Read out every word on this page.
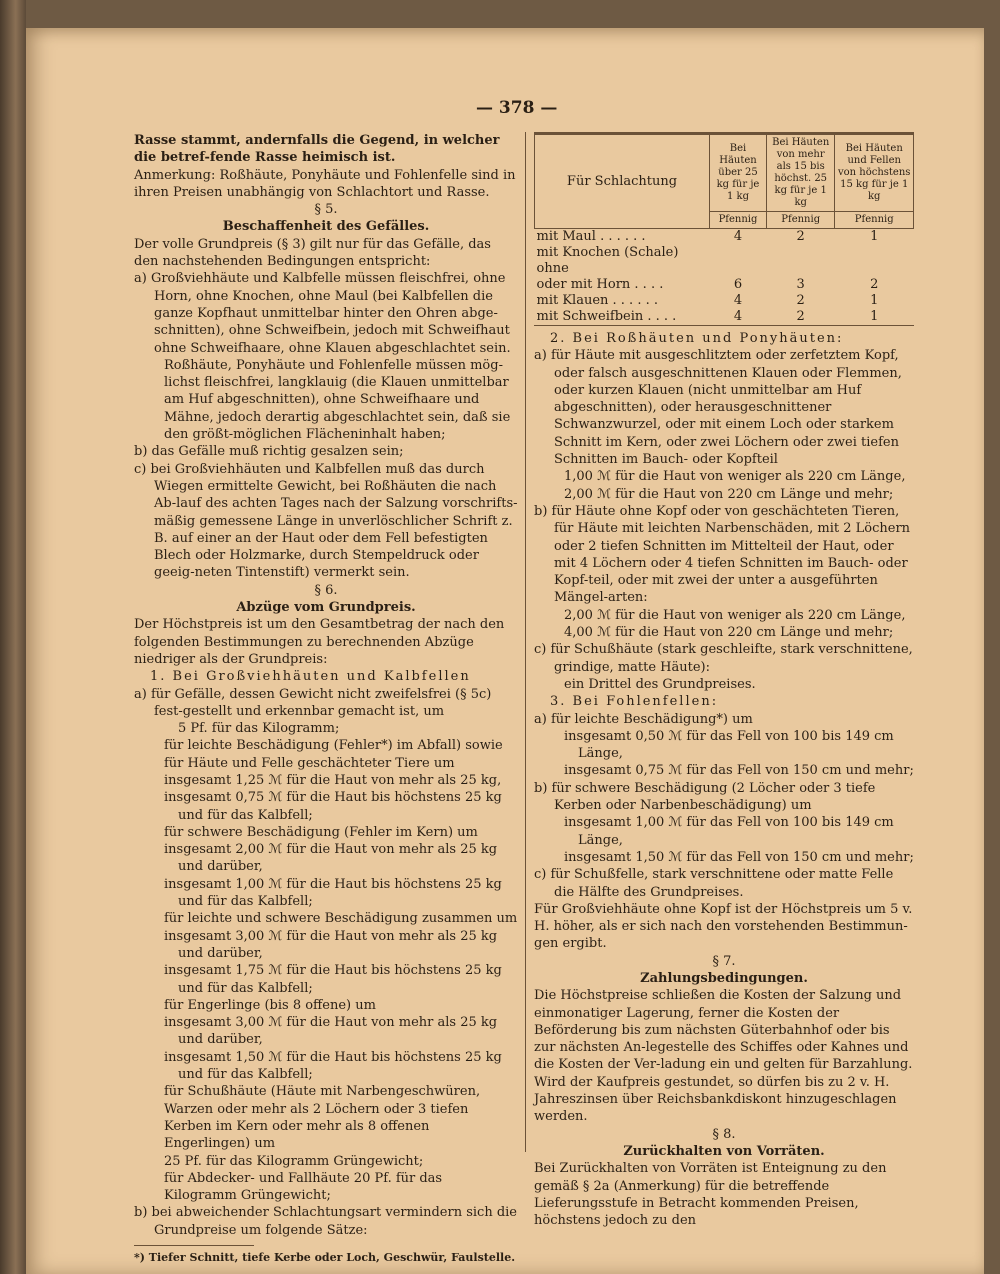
— 378 —

Rasse stammt, andernfalls die Gegend, in welcher die betref-fende Rasse heimisch ist.

Anmerkung: Roßhäute, Ponyhäute und Fohlenfelle sind in ihren Preisen unabhängig von Schlachtort und Rasse.

§ 5.

Beschaffenheit des Gefälles.

Der volle Grundpreis (§ 3) gilt nur für das Gefälle, das den nachstehenden Bedingungen entspricht:

a) Großviehhäute und Kalbfelle müssen fleischfrei, ohne Horn, ohne Knochen, ohne Maul (bei Kalbfellen die ganze Kopfhaut unmittelbar hinter den Ohren abge-schnitten), ohne Schweifbein, jedoch mit Schweifhaut ohne Schweifhaare, ohne Klauen abgeschlachtet sein.

Roßhäute, Ponyhäute und Fohlenfelle müssen mög-lichst fleischfrei, langklauig (die Klauen unmittelbar am Huf abgeschnitten), ohne Schweifhaare und Mähne, jedoch derartig abgeschlachtet sein, daß sie den größt-möglichen Flächeninhalt haben;

b) das Gefälle muß richtig gesalzen sein;

c) bei Großviehhäuten und Kalbfellen muß das durch Wiegen ermittelte Gewicht, bei Roßhäuten die nach Ab-lauf des achten Tages nach der Salzung vorschrifts-mäßig gemessene Länge in unverlöschlicher Schrift z. B. auf einer an der Haut oder dem Fell befestigten Blech oder Holzmarke, durch Stempeldruck oder geeig-neten Tintenstift) vermerkt sein.

§ 6.

Abzüge vom Grundpreis.

Der Höchstpreis ist um den Gesamtbetrag der nach den folgenden Bestimmungen zu berechnenden Abzüge niedriger als der Grundpreis:

1. Bei Großviehhäuten und Kalbfellen

a) für Gefälle, dessen Gewicht nicht zweifelsfrei (§ 5c) fest-gestellt und erkennbar gemacht ist, um

5 Pf. für das Kilogramm;

für leichte Beschädigung (Fehler*) im Abfall) sowie für Häute und Felle geschächteter Tiere um

insgesamt 1,25 ℳ für die Haut von mehr als 25 kg,

insgesamt 0,75 ℳ für die Haut bis höchstens 25 kg

und für das Kalbfell;

für schwere Beschädigung (Fehler im Kern) um

insgesamt 2,00 ℳ für die Haut von mehr als 25 kg

und darüber,

insgesamt 1,00 ℳ für die Haut bis höchstens 25 kg

und für das Kalbfell;

für leichte und schwere Beschädigung zusammen um

insgesamt 3,00 ℳ für die Haut von mehr als 25 kg

und darüber,

insgesamt 1,75 ℳ für die Haut bis höchstens 25 kg

und für das Kalbfell;

für Engerlinge (bis 8 offene) um

insgesamt 3,00 ℳ für die Haut von mehr als 25 kg

und darüber,

insgesamt 1,50 ℳ für die Haut bis höchstens 25 kg

und für das Kalbfell;

für Schußhäute (Häute mit Narbengeschwüren, Warzen oder mehr als 2 Löchern oder 3 tiefen Kerben im Kern oder mehr als 8 offenen Engerlingen) um

25 Pf. für das Kilogramm Grüngewicht;

für Abdecker- und Fallhäute 20 Pf. für das Kilogramm Grüngewicht;

b) bei abweichender Schlachtungsart vermindern sich die Grundpreise um folgende Sätze:

*) Tiefer Schnitt, tiefe Kerbe oder Loch, Geschwür, Faulstelle.

Für Schlachtung	Bei Häuten über 25 kg für je 1 kg	Bei Häuten von mehr als 15 bis höchst. 25 kg für je 1 kg	Bei Häuten und Fellen von höchstens 15 kg für je 1 kg
	Pfennig	Pfennig	Pfennig
mit Maul . . . . . .	4	2	1
mit Knochen (Schale) ohne			
oder mit Horn . . . .	6	3	2
mit Klauen . . . . . .	4	2	1
mit Schweifbein . . . .	4	2	1

2. Bei Roßhäuten und Ponyhäuten:

a) für Häute mit ausgeschlitztem oder zerfetztem Kopf, oder falsch ausgeschnittenen Klauen oder Flemmen, oder kurzen Klauen (nicht unmittelbar am Huf abgeschnitten), oder herausgeschnittener Schwanzwurzel, oder mit einem Loch oder starkem Schnitt im Kern, oder zwei Löchern oder zwei tiefen Schnitten im Bauch- oder Kopfteil

1,00 ℳ für die Haut von weniger als 220 cm Länge,

2,00 ℳ für die Haut von 220 cm Länge und mehr;

b) für Häute ohne Kopf oder von geschächteten Tieren, für Häute mit leichten Narbenschäden, mit 2 Löchern oder 2 tiefen Schnitten im Mittelteil der Haut, oder mit 4 Löchern oder 4 tiefen Schnitten im Bauch- oder Kopf-teil, oder mit zwei der unter a ausgeführten Mängel-arten:

2,00 ℳ für die Haut von weniger als 220 cm Länge,

4,00 ℳ für die Haut von 220 cm Länge und mehr;

c) für Schußhäute (stark geschleifte, stark verschnittene, grindige, matte Häute):

ein Drittel des Grundpreises.

3. Bei Fohlenfellen:

a) für leichte Beschädigung*) um

insgesamt 0,50 ℳ für das Fell von 100 bis 149 cm

Länge,

insgesamt 0,75 ℳ für das Fell von 150 cm und mehr;

b) für schwere Beschädigung (2 Löcher oder 3 tiefe Kerben oder Narbenbeschädigung) um

insgesamt 1,00 ℳ für das Fell von 100 bis 149 cm

Länge,

insgesamt 1,50 ℳ für das Fell von 150 cm und mehr;

c) für Schußfelle, stark verschnittene oder matte Felle die Hälfte des Grundpreises.

Für Großviehhäute ohne Kopf ist der Höchstpreis um 5 v. H. höher, als er sich nach den vorstehenden Bestimmun-gen ergibt.

§ 7.

Zahlungsbedingungen.

Die Höchstpreise schließen die Kosten der Salzung und einmonatiger Lagerung, ferner die Kosten der Beförderung bis zum nächsten Güterbahnhof oder bis zur nächsten An-legestelle des Schiffes oder Kahnes und die Kosten der Ver-ladung ein und gelten für Barzahlung.

Wird der Kaufpreis gestundet, so dürfen bis zu 2 v. H. Jahreszinsen über Reichsbankdiskont hinzugeschlagen werden.

§ 8.

Zurückhalten von Vorräten.

Bei Zurückhalten von Vorräten ist Enteignung zu den gemäß § 2a (Anmerkung) für die betreffende Lieferungsstufe in Betracht kommenden Preisen, höchstens jedoch zu den
